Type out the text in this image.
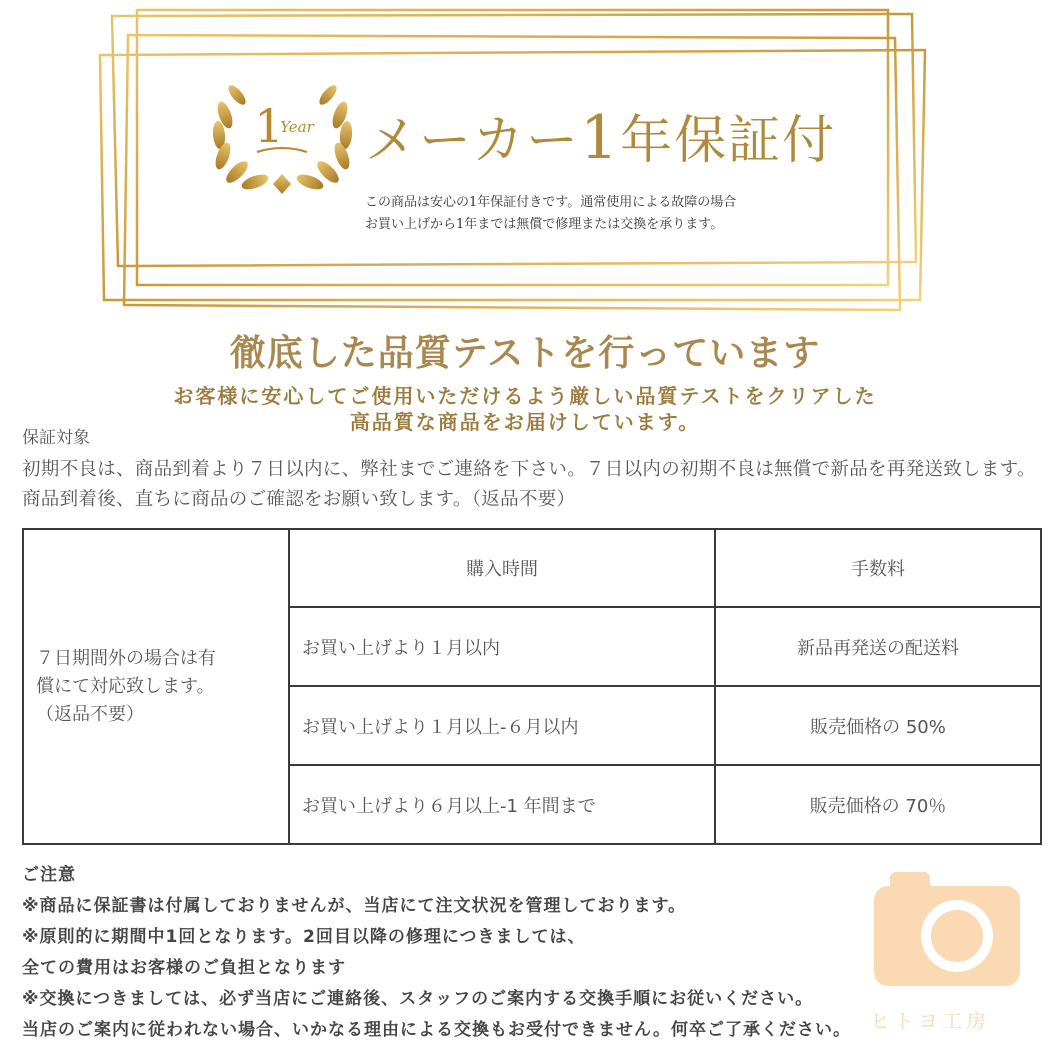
1
Year メーカー1年保証付
この商品は安心の1年保証付きです。通常使用による故障の場合
お買い上げから1年までは無償で修理または交換を承ります。
徹底した品質テストを行っています
お客様に安心してご使用いただけるよう厳しい品質テストをクリアした
高品質な商品をお届けしています。
保証対象
初期不良は、商品到着より７日以内に、弊社までご連絡を下さい。７日以内の初期不良は無償で新品を再発送致します。商品到着後、直ちに商品のご確認をお願い致します。（返品不要）
７日期間外の場合は有
償にて対応致します。
（返品不要）	購入時間	手数料
	お買い上げより１月以内	新品再発送の配送料
	お買い上げより１月以上-６月以内	販売価格の 50%
	お買い上げより６月以上-1 年間まで	販売価格の 70％
ご注意
※商品に保証書は付属しておりませんが、当店にて注文状況を管理しております。
※原則的に期間中1回となります。2回目以降の修理につきましては、
全ての費用はお客様のご負担となります
※交換につきましては、必ず当店にご連絡後、スタッフのご案内する交換手順にお従いください。
当店のご案内に従われない場合、いかなる理由による交換もお受付できません。何卒ご了承ください。 ヒトヨ工房
